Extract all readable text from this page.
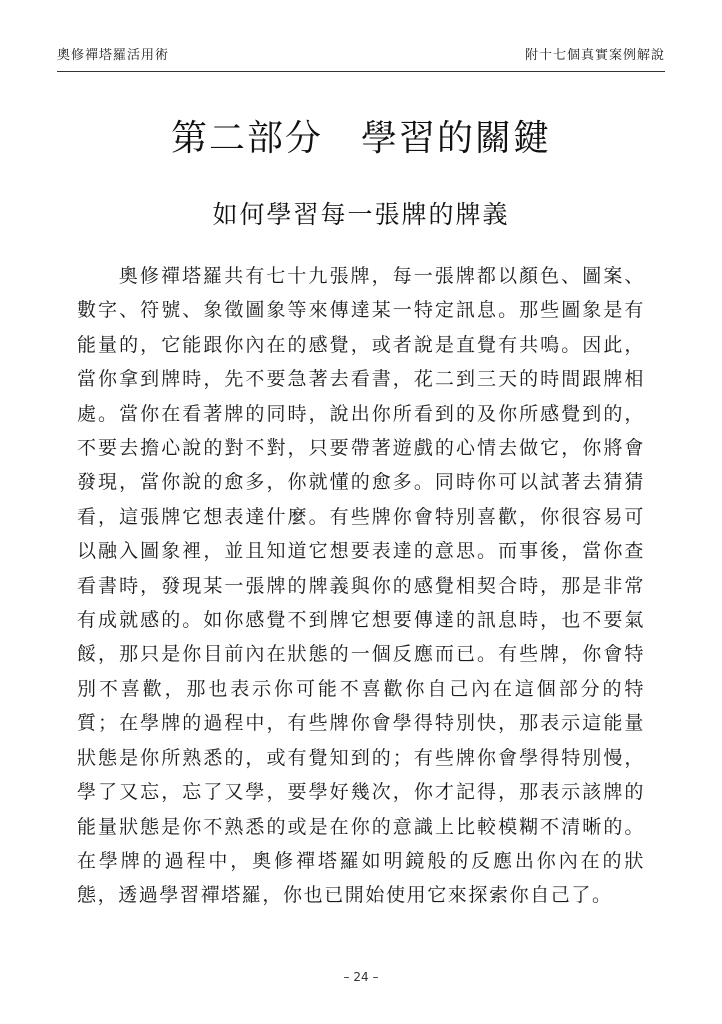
奧修禪塔羅活用術	附十七個真實案例解說
第二部分　學習的關鍵
如何學習每一張牌的牌義

奧修禪塔羅共有七十九張牌，每一張牌都以顏色、圖案、數字、符號、象徵圖象等來傳達某一特定訊息。那些圖象是有能量的，它能跟你內在的感覺，或者說是直覺有共鳴。因此，當你拿到牌時，先不要急著去看書，花二到三天的時間跟牌相處。當你在看著牌的同時，說出你所看到的及你所感覺到的，不要去擔心說的對不對，只要帶著遊戲的心情去做它，你將會發現，當你說的愈多，你就懂的愈多。同時你可以試著去猜猜看，這張牌它想表達什麼。有些牌你會特別喜歡，你很容易可以融入圖象裡，並且知道它想要表達的意思。而事後，當你查看書時，發現某一張牌的牌義與你的感覺相契合時，那是非常有成就感的。如你感覺不到牌它想要傳達的訊息時，也不要氣餒，那只是你目前內在狀態的一個反應而已。有些牌，你會特別不喜歡，那也表示你可能不喜歡你自己內在這個部分的特質；在學牌的過程中，有些牌你會學得特別快，那表示這能量狀態是你所熟悉的，或有覺知到的；有些牌你會學得特別慢，學了又忘，忘了又學，要學好幾次，你才記得，那表示該牌的能量狀態是你不熟悉的或是在你的意識上比較模糊不清晰的。在學牌的過程中，奧修禪塔羅如明鏡般的反應出你內在的狀態，透過學習禪塔羅，你也已開始使用它來探索你自己了。

– 24 –
